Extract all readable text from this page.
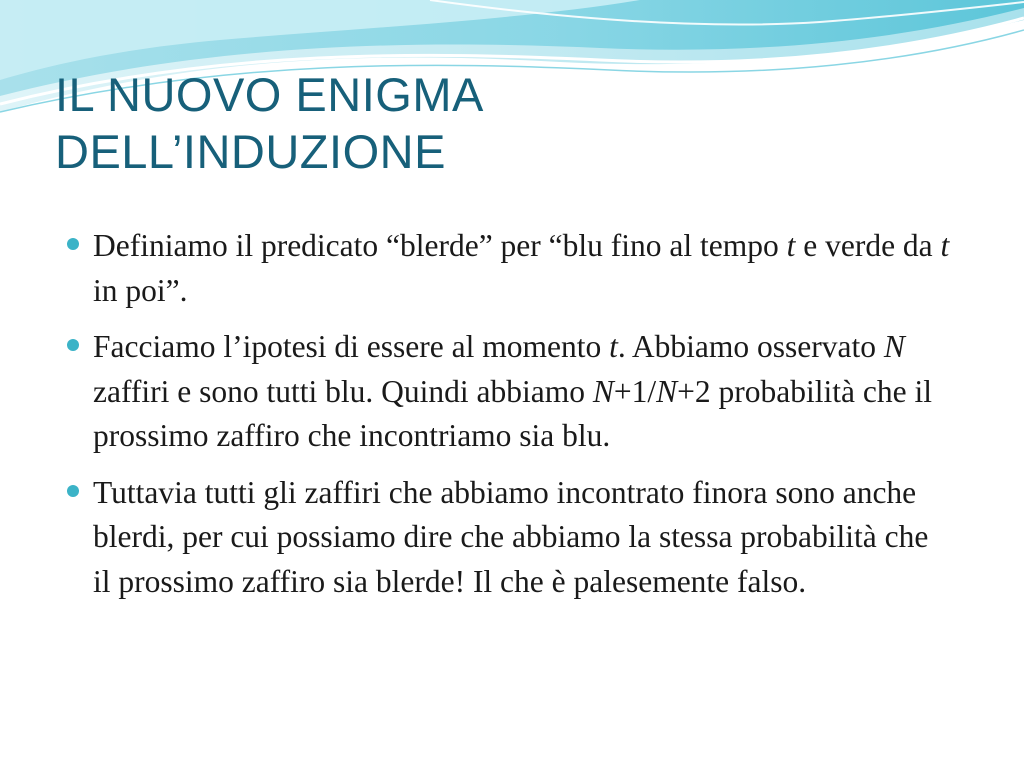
IL NUOVO ENIGMA
DELL’INDUZIONE
Definiamo il predicato “blerde” per “blu fino al tempo t e verde da t in poi”.
Facciamo l’ipotesi di essere al momento t. Abbiamo osservato N zaffiri e sono tutti blu. Quindi abbiamo N+1/N+2 probabilità che il prossimo zaffiro che incontriamo sia blu.
Tuttavia tutti gli zaffiri che abbiamo incontrato finora sono anche blerdi, per cui possiamo dire che abbiamo la stessa probabilità che il prossimo zaffiro sia blerde! Il che è palesemente falso.
